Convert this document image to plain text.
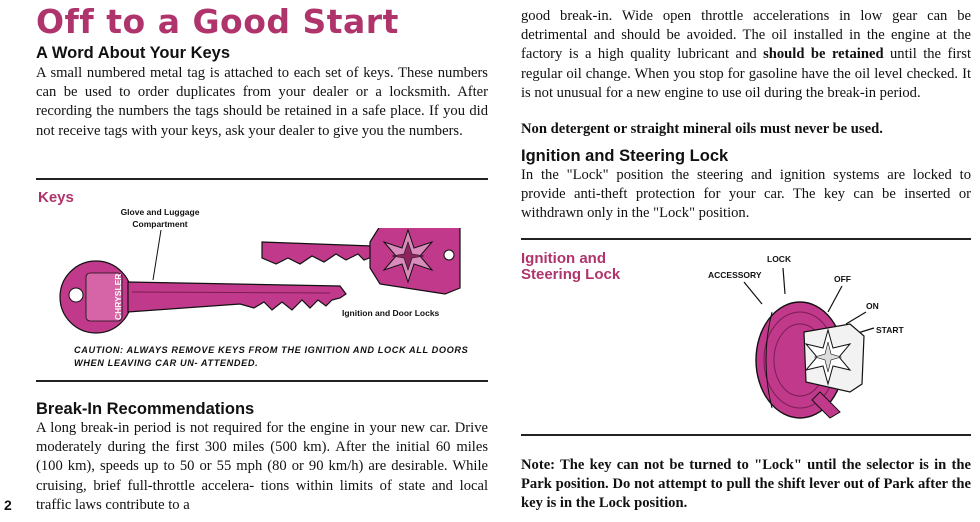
Off to a Good Start
A Word About Your Keys
A small numbered metal tag is attached to each set of keys. These numbers can be used to order duplicates from your dealer or a locksmith. After recording the numbers the tags should be retained in a safe place. If you did not receive tags with your keys, ask your dealer to give you the numbers.
Keys
Glove and Luggage Compartment
CHRYSLER	Ignition and Door Locks
CAUTION: ALWAYS REMOVE KEYS FROM THE IGNITION AND LOCK ALL DOORS WHEN LEAVING CAR UN- ATTENDED.
Break-In Recommendations
A long break-in period is not required for the engine in your new car. Drive moderately during the first 300 miles (500 km). After the initial 60 miles (100 km), speeds up to 50 or 55 mph (80 or 90 km/h) are desirable. While cruising, brief full-throttle accelera- tions within limits of state and local traffic laws contribute to a
2
good break-in. Wide open throttle accelerations in low gear can be detrimental and should be avoided. The oil installed in the engine at the factory is a high quality lubricant and should be retained until the first regular oil change. When you stop for gasoline have the oil level checked. It is not unusual for a new engine to use oil during the break-in period.
Non detergent or straight mineral oils must never be used.
Ignition and Steering Lock
In the "Lock" position the steering and ignition systems are locked to provide anti-theft protection for your car. The key can be inserted or withdrawn only in the "Lock" position.
Ignition and Steering Lock
LOCK
ACCESSORY	OFF
ON
START
Note: The key can not be turned to "Lock" until the selector is in the Park position. Do not attempt to pull the shift lever out of Park after the key is in the Lock position.
